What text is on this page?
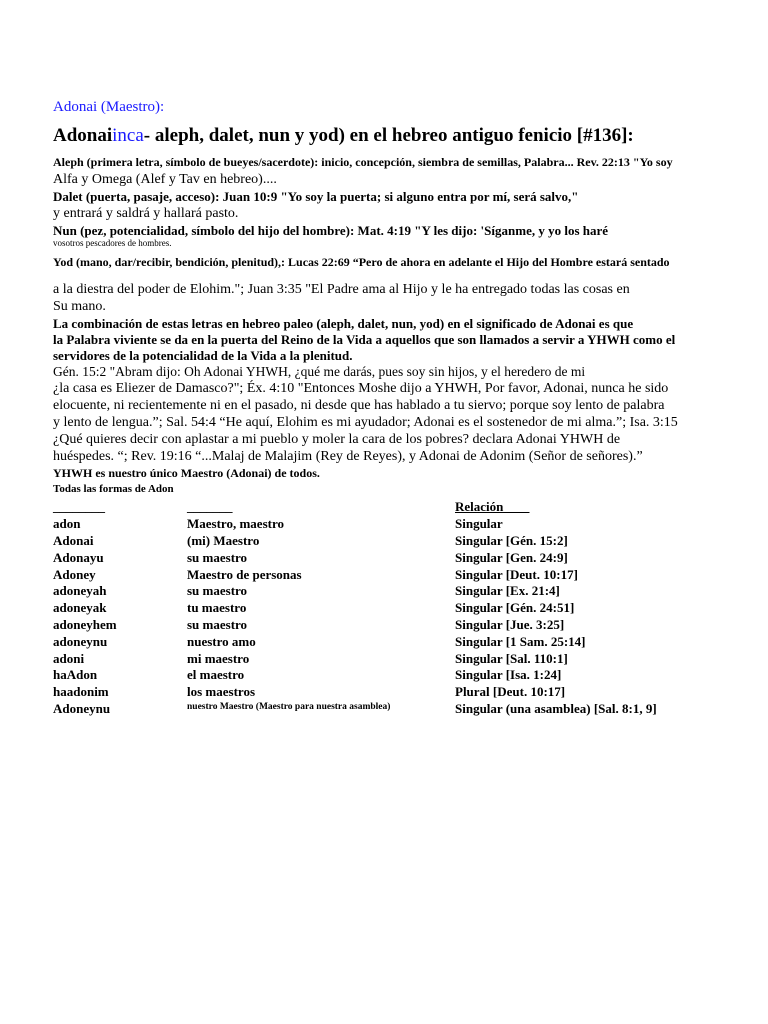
Adonai (Maestro):
Adonaiinca- aleph, dalet, nun y yod) en el hebreo antiguo fenicio [#136]:
Aleph (primera letra, símbolo de bueyes/sacerdote): inicio, concepción, siembra de semillas, Palabra... Rev. 22:13 "Yo soy
Alfa y Omega (Alef y Tav en hebreo)....
Dalet (puerta, pasaje, acceso): Juan 10:9 "Yo soy la puerta; si alguno entra por mí, será salvo,"
y entrará y saldrá y hallará pasto.
Nun (pez, potencialidad, símbolo del hijo del hombre): Mat. 4:19 "Y les dijo: 'Síganme, y yo los haré
vosotros pescadores de hombres.
Yod (mano, dar/recibir, bendición, plenitud),: Lucas 22:69 “Pero de ahora en adelante el Hijo del Hombre estará sentado
a la diestra del poder de Elohim."; Juan 3:35 "El Padre ama al Hijo y le ha entregado todas las cosas en
Su mano.
La combinación de estas letras en hebreo paleo (aleph, dalet, nun, yod) en el significado de Adonai es que
la Palabra viviente se da en la puerta del Reino de la Vida a aquellos que son llamados a servir a YHWH como el
servidores de la potencialidad de la Vida a la plenitud.
Gén. 15:2 "Abram dijo: Oh Adonai YHWH, ¿qué me darás, pues soy sin hijos, y el heredero de mi
¿la casa es Eliezer de Damasco?"; Éx. 4:10 "Entonces Moshe dijo a YHWH, Por favor, Adonai, nunca he sido
elocuente, ni recientemente ni en el pasado, ni desde que has hablado a tu siervo; porque soy lento de palabra
y lento de lengua.”; Sal. 54:4 “He aquí, Elohim es mi ayudador; Adonai es el sostenedor de mi alma.”; Isa. 3:15
¿Qué quieres decir con aplastar a mi pueblo y moler la cara de los pobres? declara Adonai YHWH de
huéspedes. “; Rev. 19:16 “...Malaj de Malajim (Rey de Reyes), y Adonai de Adonim (Señor de señores).”
YHWH es nuestro único Maestro (Adonai) de todos.
Todas las formas de Adon
________	_______	Relación____
adon	Maestro, maestro	Singular
Adonai	(mi) Maestro	Singular [Gén. 15:2]
Adonayu	su maestro	Singular [Gen. 24:9]
Adoney	Maestro de personas	Singular [Deut. 10:17]
adoneyah	su maestro	Singular [Ex. 21:4]
adoneyak	tu maestro	Singular [Gén. 24:51]
adoneyhem	su maestro	Singular [Jue. 3:25]
adoneynu	nuestro amo	Singular [1 Sam. 25:14]
adoni	mi maestro	Singular [Sal. 110:1]
haAdon	el maestro	Singular [Isa. 1:24]
haadonim	los maestros	Plural [Deut. 10:17]
Adoneynu	nuestro Maestro (Maestro para nuestra asamblea)	Singular (una asamblea) [Sal. 8:1, 9]
